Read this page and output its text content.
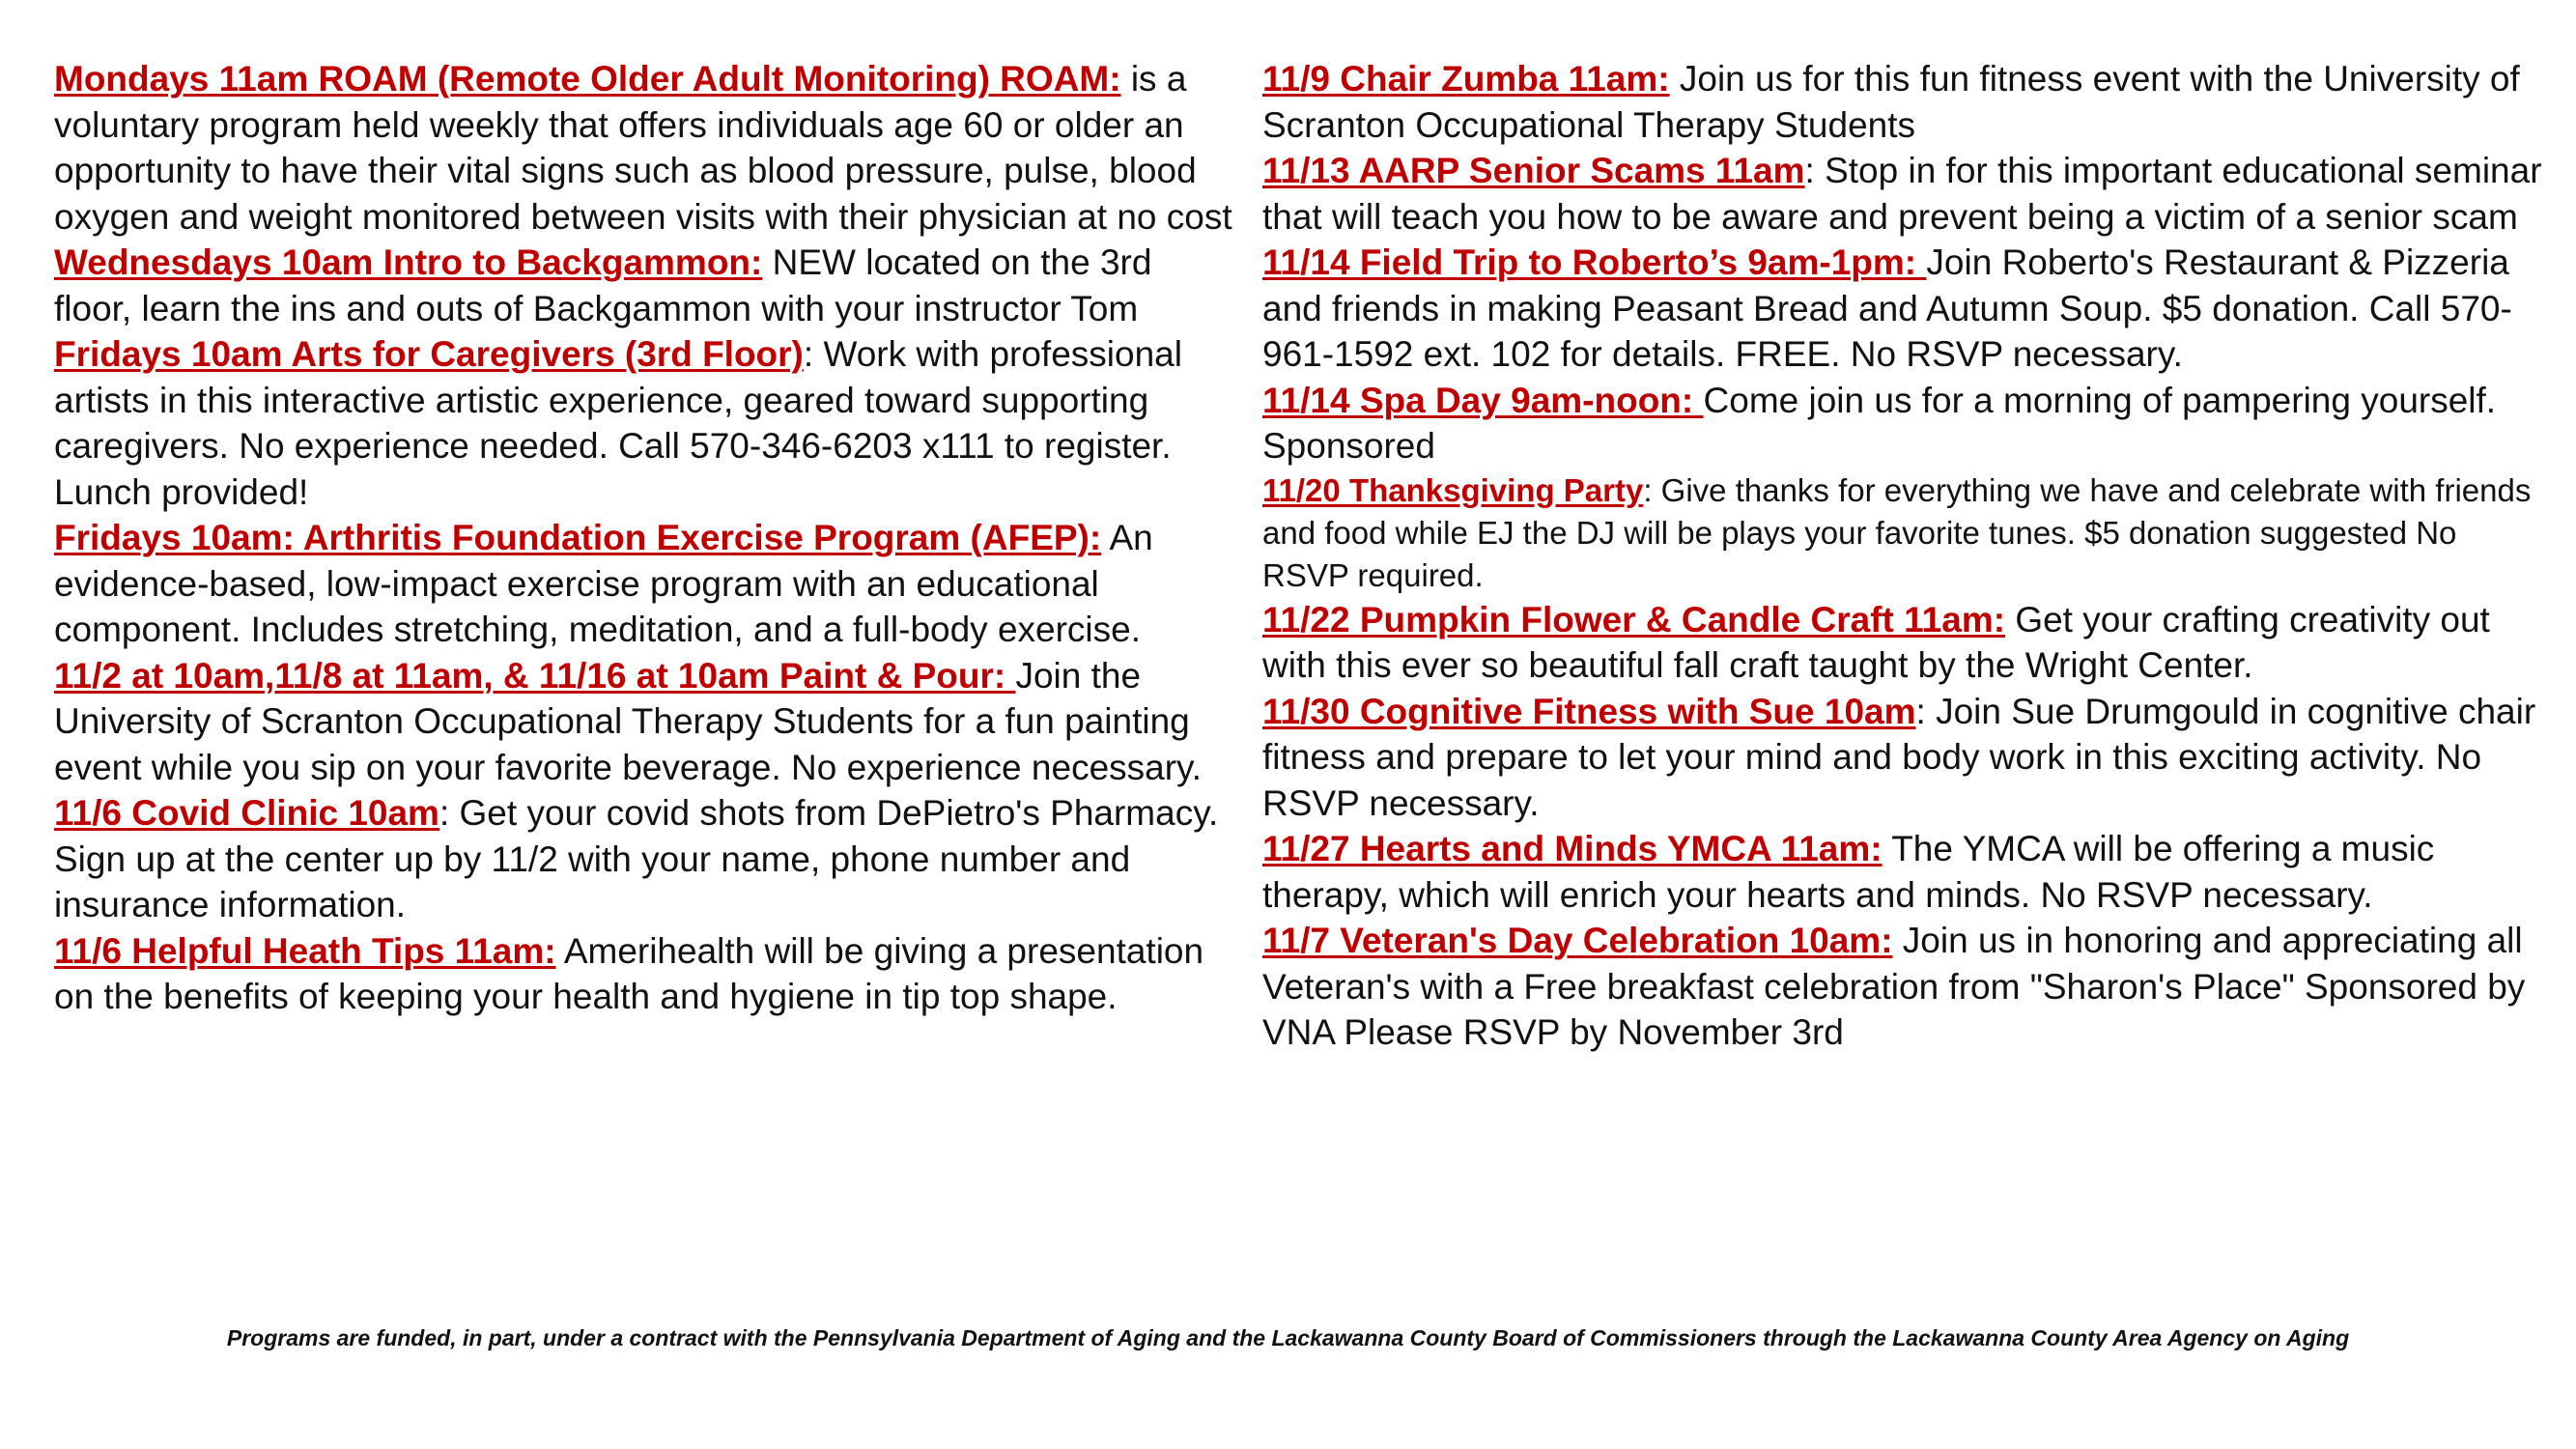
Mondays 11am ROAM (Remote Older Adult Monitoring) ROAM: is a voluntary program held weekly that offers individuals age 60 or older an opportunity to have their vital signs such as blood pressure, pulse, blood oxygen and weight monitored between visits with their physician at no cost

Wednesdays 10am Intro to Backgammon: NEW located on the 3rd floor, learn the ins and outs of Backgammon with your instructor Tom

Fridays 10am Arts for Caregivers (3rd Floor): Work with professional artists in this interactive artistic experience, geared toward supporting caregivers. No experience needed. Call 570-346-6203 x111 to register. Lunch provided!

Fridays 10am: Arthritis Foundation Exercise Program (AFEP): An evidence-based, low-impact exercise program with an educational component. Includes stretching, meditation, and a full-body exercise.

11/2 at 10am,11/8 at 11am, & 11/16 at 10am Paint & Pour: Join the University of Scranton Occupational Therapy Students for a fun painting event while you sip on your favorite beverage. No experience necessary.

11/6 Covid Clinic 10am: Get your covid shots from DePietro's Pharmacy. Sign up at the center up by 11/2 with your name, phone number and insurance information.

11/6 Helpful Heath Tips 11am: Amerihealth will be giving a presentation on the benefits of keeping your health and hygiene in tip top shape.

11/9 Chair Zumba 11am: Join us for this fun fitness event with the University of Scranton Occupational Therapy Students

11/13 AARP Senior Scams 11am: Stop in for this important educational seminar that will teach you how to be aware and prevent being a victim of a senior scam

11/14 Field Trip to Roberto’s 9am-1pm: Join Roberto's Restaurant & Pizzeria and friends in making Peasant Bread and Autumn Soup. $5 donation. Call 570-961-1592 ext. 102 for details. FREE. No RSVP necessary.

11/14 Spa Day 9am-noon: Come join us for a morning of pampering yourself. Sponsored

11/20 Thanksgiving Party: Give thanks for everything we have and celebrate with friends and food while EJ the DJ will be plays your favorite tunes. $5 donation suggested No RSVP required.

11/22 Pumpkin Flower & Candle Craft 11am: Get your crafting creativity out with this ever so beautiful fall craft taught by the Wright Center.

11/30 Cognitive Fitness with Sue 10am: Join Sue Drumgould in cognitive chair fitness and prepare to let your mind and body work in this exciting activity. No RSVP necessary.

11/27 Hearts and Minds YMCA 11am: The YMCA will be offering a music therapy, which will enrich your hearts and minds. No RSVP necessary.

11/7 Veteran's Day Celebration 10am: Join us in honoring and appreciating all Veteran's with a Free breakfast celebration from "Sharon's Place" Sponsored by VNA Please RSVP by November 3rd

Programs are funded, in part, under a contract with the Pennsylvania Department of Aging and the Lackawanna County Board of Commissioners through the Lackawanna County Area Agency on Aging
